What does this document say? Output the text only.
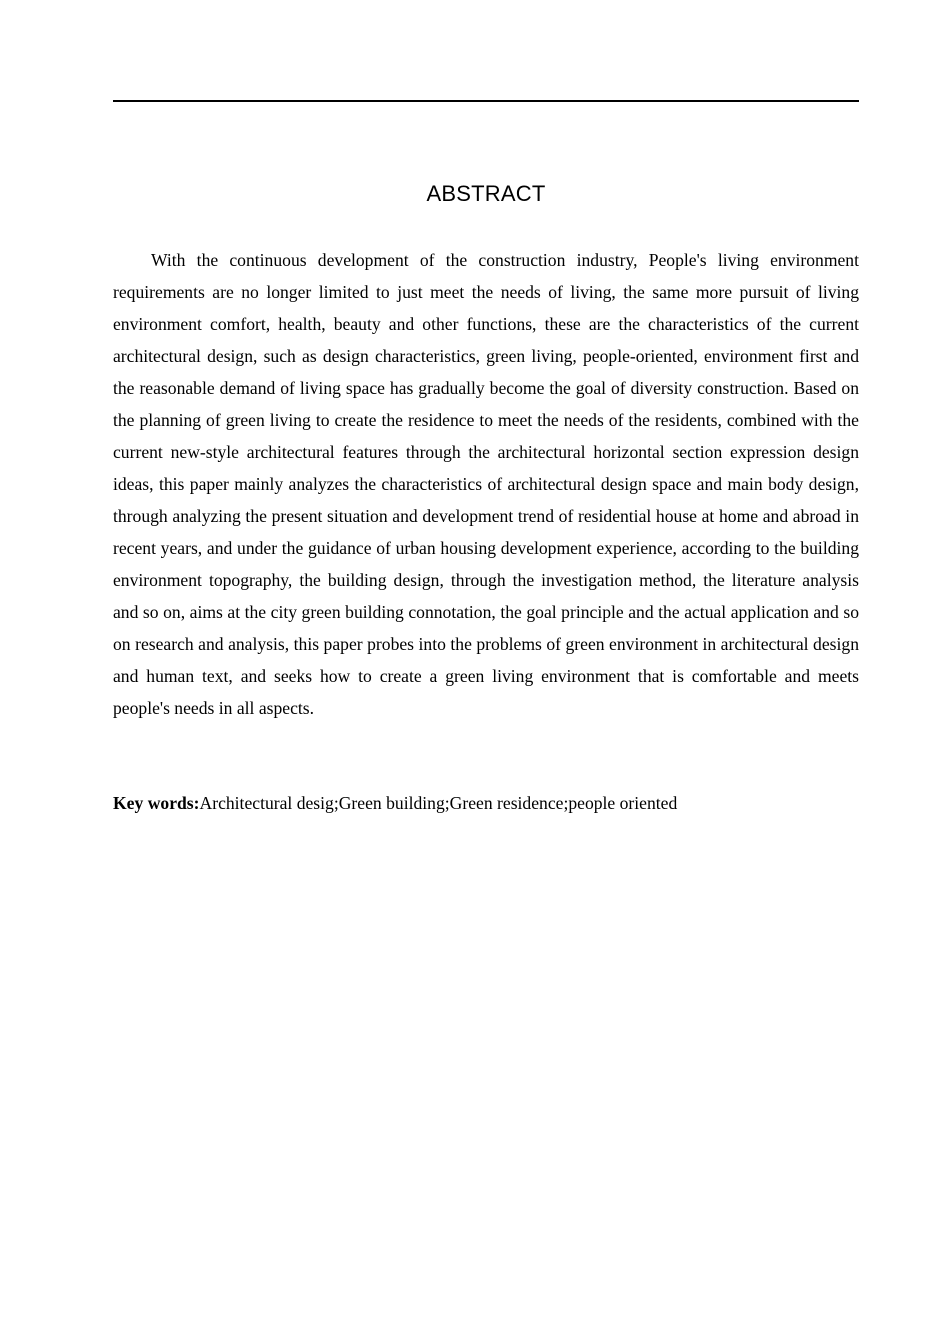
ABSTRACT

With the continuous development of the construction industry, People's living environment requirements are no longer limited to just meet the needs of living, the same more pursuit of living environment comfort, health, beauty and other functions, these are the characteristics of the current architectural design, such as design characteristics, green living, people-oriented, environment first and the reasonable demand of living space has gradually become the goal of diversity construction. Based on the planning of green living to create the residence to meet the needs of the residents, combined with the current new-style architectural features through the architectural horizontal section expression design ideas, this paper mainly analyzes the characteristics of architectural design space and main body design, through analyzing the present situation and development trend of residential house at home and abroad in recent years, and under the guidance of urban housing development experience, according to the building environment topography, the building design, through the investigation method, the literature analysis and so on, aims at the city green building connotation, the goal principle and the actual application and so on research and analysis, this paper probes into the problems of green environment in architectural design and human text, and seeks how to create a green living environment that is comfortable and meets people's needs in all aspects.

Key words:Architectural desig;Green building;Green residence;people oriented
